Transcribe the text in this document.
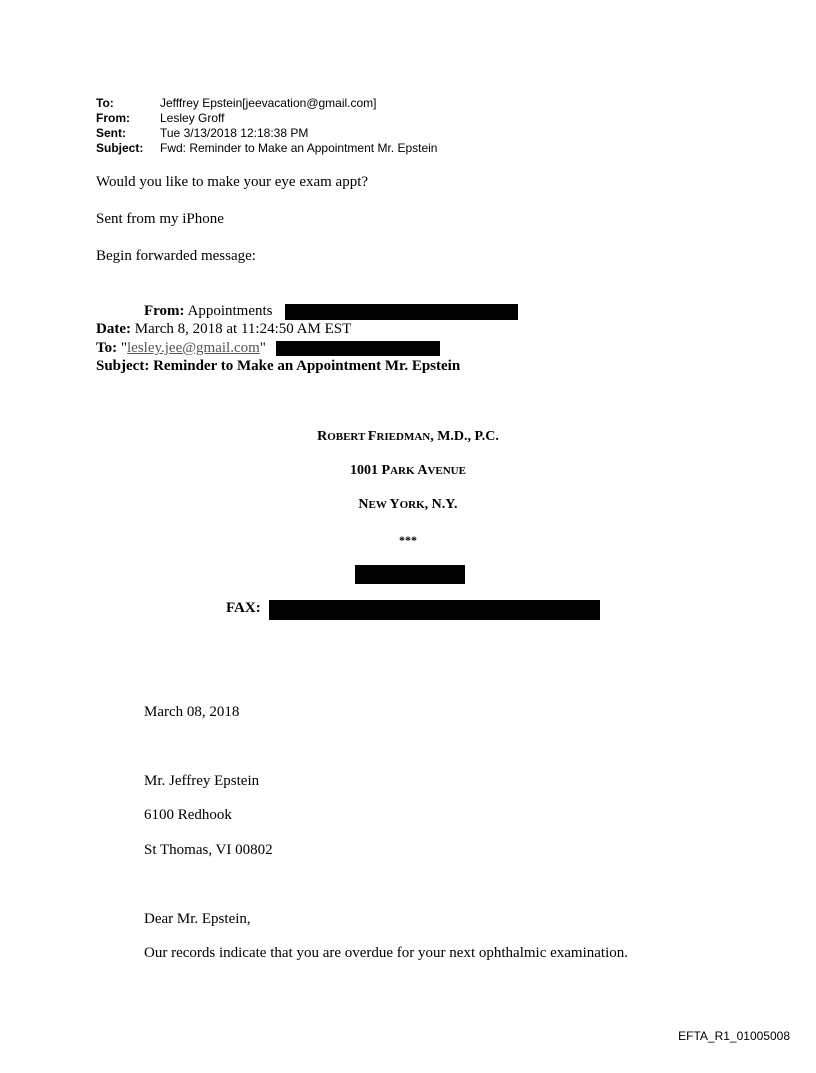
To:	Jefffrey Epstein[jeevacation@gmail.com]
From:	Lesley Groff
Sent:	Tue 3/13/2018 12:18:38 PM
Subject: Fwd: Reminder to Make an Appointment Mr. Epstein
Would you like to make your eye exam appt?
Sent from my iPhone
Begin forwarded message:
From: Appointments
Date: March 8, 2018 at 11:24:50 AM EST
To: "lesley.jee@gmail.com"
Subject: Reminder to Make an Appointment Mr. Epstein
ROBERT FRIEDMAN, M.D., P.C.
1001 PARK AVENUE
NEW YORK, N.Y.
***
FAX:
March 08, 2018
Mr. Jeffrey Epstein
6100 Redhook
St Thomas, VI 00802
Dear Mr. Epstein,
Our records indicate that you are overdue for your next ophthalmic examination.
EFTA_R1_01005008
